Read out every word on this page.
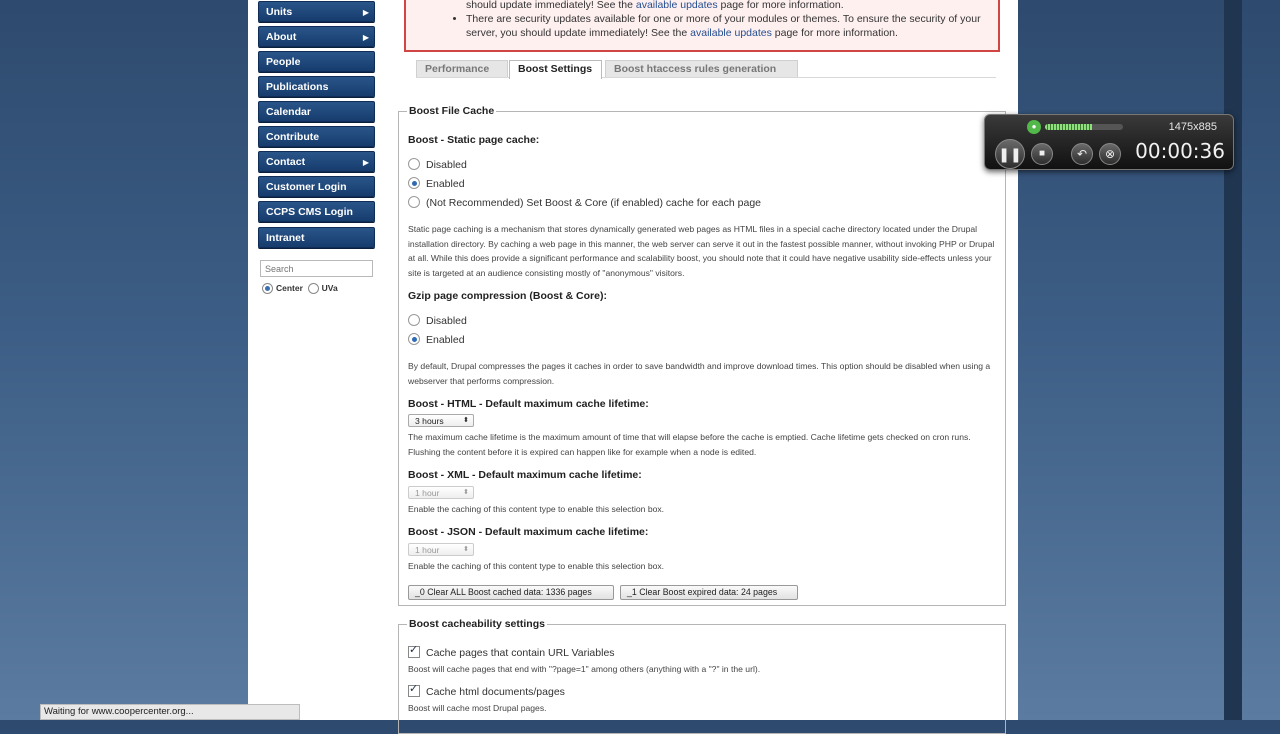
Units	▶
About	▶
People
Publications
Calendar
Contribute
Contact	▶
Customer Login
CCPS CMS Login
Intranet
Search
Center UVa
should update immediately! See the available updates page for more information.
• There are security updates available for one or more of your modules or themes. To ensure the security of your server, you should update immediately! See the available updates page for more information.
Performance	Boost Settings	Boost htaccess rules generation
Boost File Cache
Boost - Static page cache:
Disabled
Enabled
(Not Recommended) Set Boost & Core (if enabled) cache for each page
Static page caching is a mechanism that stores dynamically generated web pages as HTML files in a special cache directory located under the Drupal installation directory. By caching a web page in this manner, the web server can serve it out in the fastest possible manner, without invoking PHP or Drupal at all. While this does provide a significant performance and scalability boost, you should note that it could have negative usability side-effects unless your site is targeted at an audience consisting mostly of "anonymous" visitors.
Gzip page compression (Boost & Core):
Disabled
Enabled
By default, Drupal compresses the pages it caches in order to save bandwidth and improve download times. This option should be disabled when using a webserver that performs compression.
Boost - HTML - Default maximum cache lifetime:
3 hours	⬍
The maximum cache lifetime is the maximum amount of time that will elapse before the cache is emptied. Cache lifetime gets checked on cron runs. Flushing the content before it is expired can happen like for example when a node is edited.
Boost - XML - Default maximum cache lifetime:
1 hour	⬍
Enable the caching of this content type to enable this selection box.
Boost - JSON - Default maximum cache lifetime:
1 hour	⬍
Enable the caching of this content type to enable this selection box.
_0 Clear ALL Boost cached data: 1336 pages	_1 Clear Boost expired data: 24 pages
Boost cacheability settings
✓Cache pages that contain URL Variables
Boost will cache pages that end with "?page=1" among others (anything with a "?" in the url).
✓Cache html documents/pages
Boost will cache most Drupal pages.
Waiting for www.coopercenter.org...
●	1475x885
❚❚	■	↶	⊗ 00:00:36
